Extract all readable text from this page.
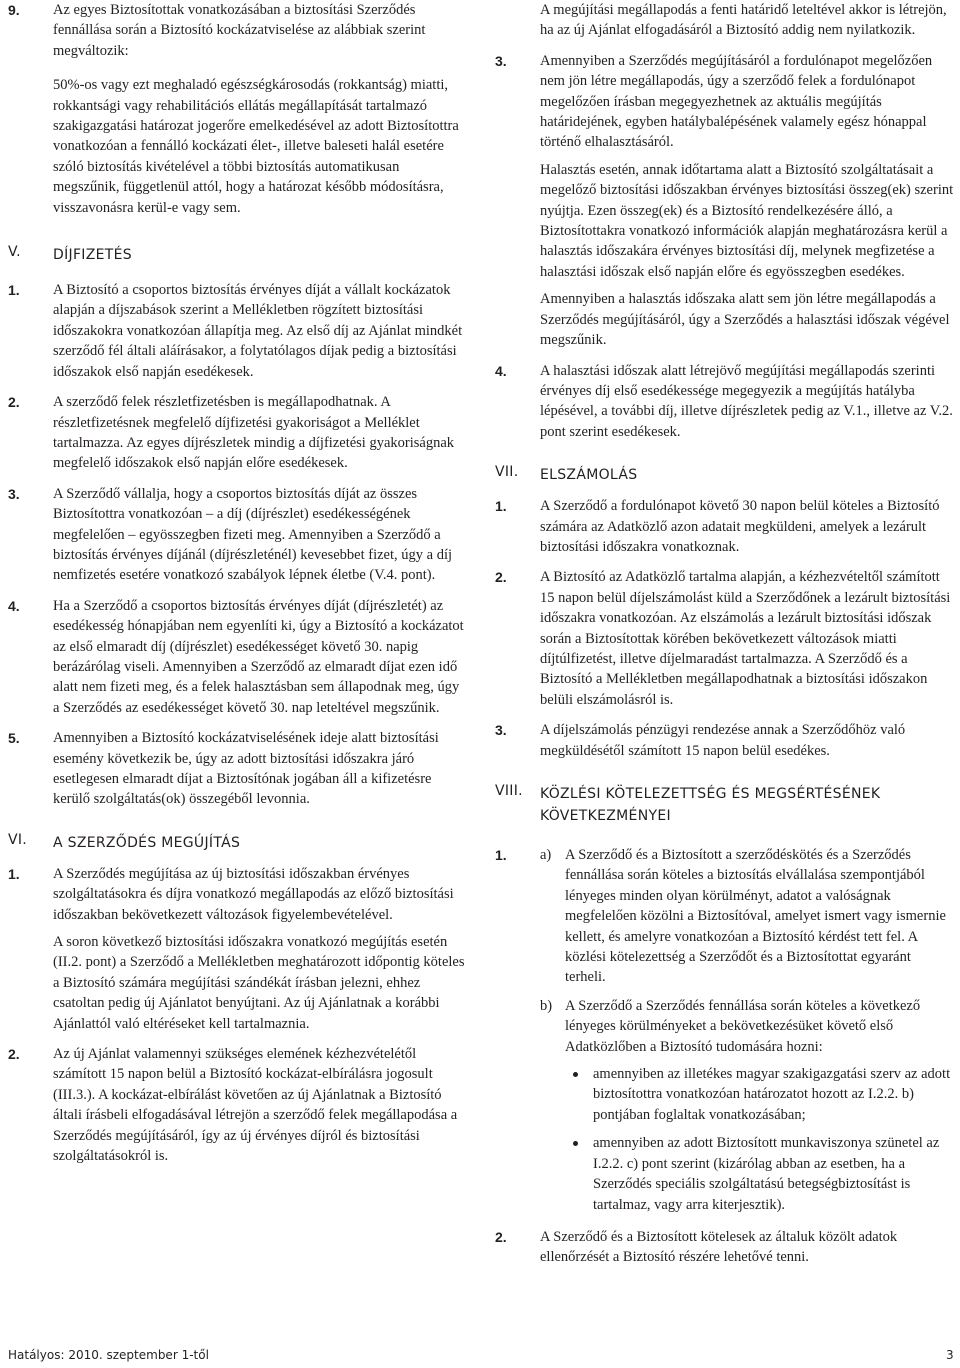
9. Az egyes Biztosítottak vonatkozásában a biztosítási Szerződés fennállása során a Biztosító kockázatviselése az alábbiak szerint megváltozik:

50%-os vagy ezt meghaladó egészségkárosodás (rokkantság) miatti, rokkantsági vagy rehabilitációs ellátás megállapítását tartalmazó szakigazgatási határozat jogerőre emelkedésével az adott Biztosítottra vonatkozóan a fennálló kockázati élet-, illetve baleseti halál esetére szóló biztosítás kivételével a többi biztosítás automatikusan megszűnik, függetlenül attól, hogy a határozat később módosításra, visszavonásra kerül-e vagy sem.

V. DÍJFIZETÉS
1. A Biztosító a csoportos biztosítás érvényes díját a vállalt kockázatok alapján a díjszabások szerint a Mellékletben rögzített biztosítási időszakokra vonatkozóan állapítja meg. Az első díj az Ajánlat mindkét szerződő fél általi aláírásakor, a folytatólagos díjak pedig a biztosítási időszakok első napján esedékesek.

2. A szerződő felek részletfizetésben is megállapodhatnak. A részletfizetésnek megfelelő díjfizetési gyakoriságot a Melléklet tartalmazza. Az egyes díjrészletek mindig a díjfizetési gyakoriságnak megfelelő időszakok első napján előre esedékesek.

3. A Szerződő vállalja, hogy a csoportos biztosítás díját az összes Biztosítottra vonatkozóan – a díj (díjrészlet) esedékességének megfelelően – egyösszegben fizeti meg. Amennyiben a Szerződő a biztosítás érvényes díjánál (díjrészleténél) kevesebbet fizet, úgy a díj nemfizetés esetére vonatkozó szabályok lépnek életbe (V.4. pont).

4. Ha a Szerződő a csoportos biztosítás érvényes díját (díjrészletét) az esedékesség hónapjában nem egyenlíti ki, úgy a Biztosító a kockázatot az első elmaradt díj (díjrészlet) esedékességet követő 30. napig berázárólag viseli. Amennyiben a Szerződő az elmaradt díjat ezen idő alatt nem fizeti meg, és a felek halasztásban sem állapodnak meg, úgy a Szerződés az esedékességet követő 30. nap leteltével megszűnik.

5. Amennyiben a Biztosító kockázatviselésének ideje alatt biztosítási esemény következik be, úgy az adott biztosítási időszakra járó esetlegesen elmaradt díjat a Biztosítónak jogában áll a kifizetésre kerülő szolgáltatás(ok) összegéből levonnia.

VI. A SZERZŐDÉS MEGÚJÍTÁS
1. A Szerződés megújítása az új biztosítási időszakban érvényes szolgáltatásokra és díjra vonatkozó megállapodás az előző biztosítási időszakban bekövetkezett változások figyelembevételével.

A soron következő biztosítási időszakra vonatkozó megújítás esetén (II.2. pont) a Szerződő a Mellékletben meghatározott időpontig köteles a Biztosító számára megújítási szándékát írásban jelezni, ehhez csatoltan pedig új Ajánlatot benyújtani. Az új Ajánlatnak a korábbi Ajánlattól való eltéréseket kell tartalmaznia.

2. Az új Ajánlat valamennyi szükséges elemének kézhezvételétől számított 15 napon belül a Biztosító kockázat-elbírálásra jogosult (III.3.). A kockázat-elbírálást követően az új Ajánlatnak a Biztosító általi írásbeli elfogadásával létrejön a szerződő felek megállapodása a Szerződés megújításáról, így az új érvényes díjról és biztosítási szolgáltatásokról is.

A megújítási megállapodás a fenti határidő leteltével akkor is létrejön, ha az új Ajánlat elfogadásáról a Biztosító addig nem nyilatkozik.

3. Amennyiben a Szerződés megújításáról a fordulónapot megelőzően nem jön létre megállapodás, úgy a szerződő felek a fordulónapot megelőzően írásban megegyezhetnek az aktuális megújítás határidejének, egyben hatálybalépésének valamely egész hónappal történő elhalasztásáról.

Halasztás esetén, annak időtartama alatt a Biztosító szolgáltatásait a megelőző biztosítási időszakban érvényes biztosítási összeg(ek) szerint nyújtja. Ezen összeg(ek) és a Biztosító rendelkezésére álló, a Biztosítottakra vonatkozó információk alapján meghatározásra kerül a halasztás időszakára érvényes biztosítási díj, melynek megfizetése a halasztási időszak első napján előre és egyösszegben esedékes.

Amennyiben a halasztás időszaka alatt sem jön létre megállapodás a Szerződés megújításáról, úgy a Szerződés a halasztási időszak végével megszűnik.

4. A halasztási időszak alatt létrejövő megújítási megállapodás szerinti érvényes díj első esedékessége megegyezik a megújítás hatályba lépésével, a további díj, illetve díjrészletek pedig az V.1., illetve az V.2. pont szerint esedékesek.

VII. ELSZÁMOLÁS
1. A Szerződő a fordulónapot követő 30 napon belül köteles a Biztosító számára az Adatközlő azon adatait megküldeni, amelyek a lezárult biztosítási időszakra vonatkoznak.

2. A Biztosító az Adatközlő tartalma alapján, a kézhezvételtől számított 15 napon belül díjelszámolást küld a Szerződőnek a lezárult biztosítási időszakra vonatkozóan. Az elszámolás a lezárult biztosítási időszak során a Biztosítottak körében bekövetkezett változások miatti díjtúlfizetést, illetve díjelmaradást tartalmazza. A Szerződő és a Biztosító a Mellékletben megállapodhatnak a biztosítási időszakon belüli elszámolásról is.

3. A díjelszámolás pénzügyi rendezése annak a Szerződőhöz való megküldésétől számított 15 napon belül esedékes.

VIII. KÖZLÉSI KÖTELEZETTSÉG ÉS MEGSÉRTÉSÉNEK
KÖVETKEZMÉNYEI
1. a) A Szerződő és a Biztosított a szerződéskötés és a Szerződés fennállása során köteles a biztosítás elvállalása szempontjából lényeges minden olyan körülményt, adatot a valóságnak megfelelően közölni a Biztosítóval, amelyet ismert vagy ismernie kellett, és amelyre vonatkozóan a Biztosító kérdést tett fel. A közlési kötelezettség a Szerződőt és a Biztosítottat egyaránt terheli.

b) A Szerződő a Szerződés fennállása során köteles a következő lényeges körülményeket a bekövetkezésüket követő első Adatközlőben a Biztosító tudomására hozni:

amennyiben az illetékes magyar szakigazgatási szerv az adott biztosítottra vonatkozóan határozatot hozott az I.2.2. b) pontjában foglaltak vonatkozásában;
amennyiben az adott Biztosított munkaviszonya szünetel az I.2.2. c) pont szerint (kizárólag abban az esetben, ha a Szerződés speciális szolgáltatású betegségbiztosítást is tartalmaz, vagy arra kiterjesztik).
2. A Szerződő és a Biztosított kötelesek az általuk közölt adatok ellenőrzését a Biztosító részére lehetővé tenni.

Hatályos: 2010. szeptember 1-től	3
